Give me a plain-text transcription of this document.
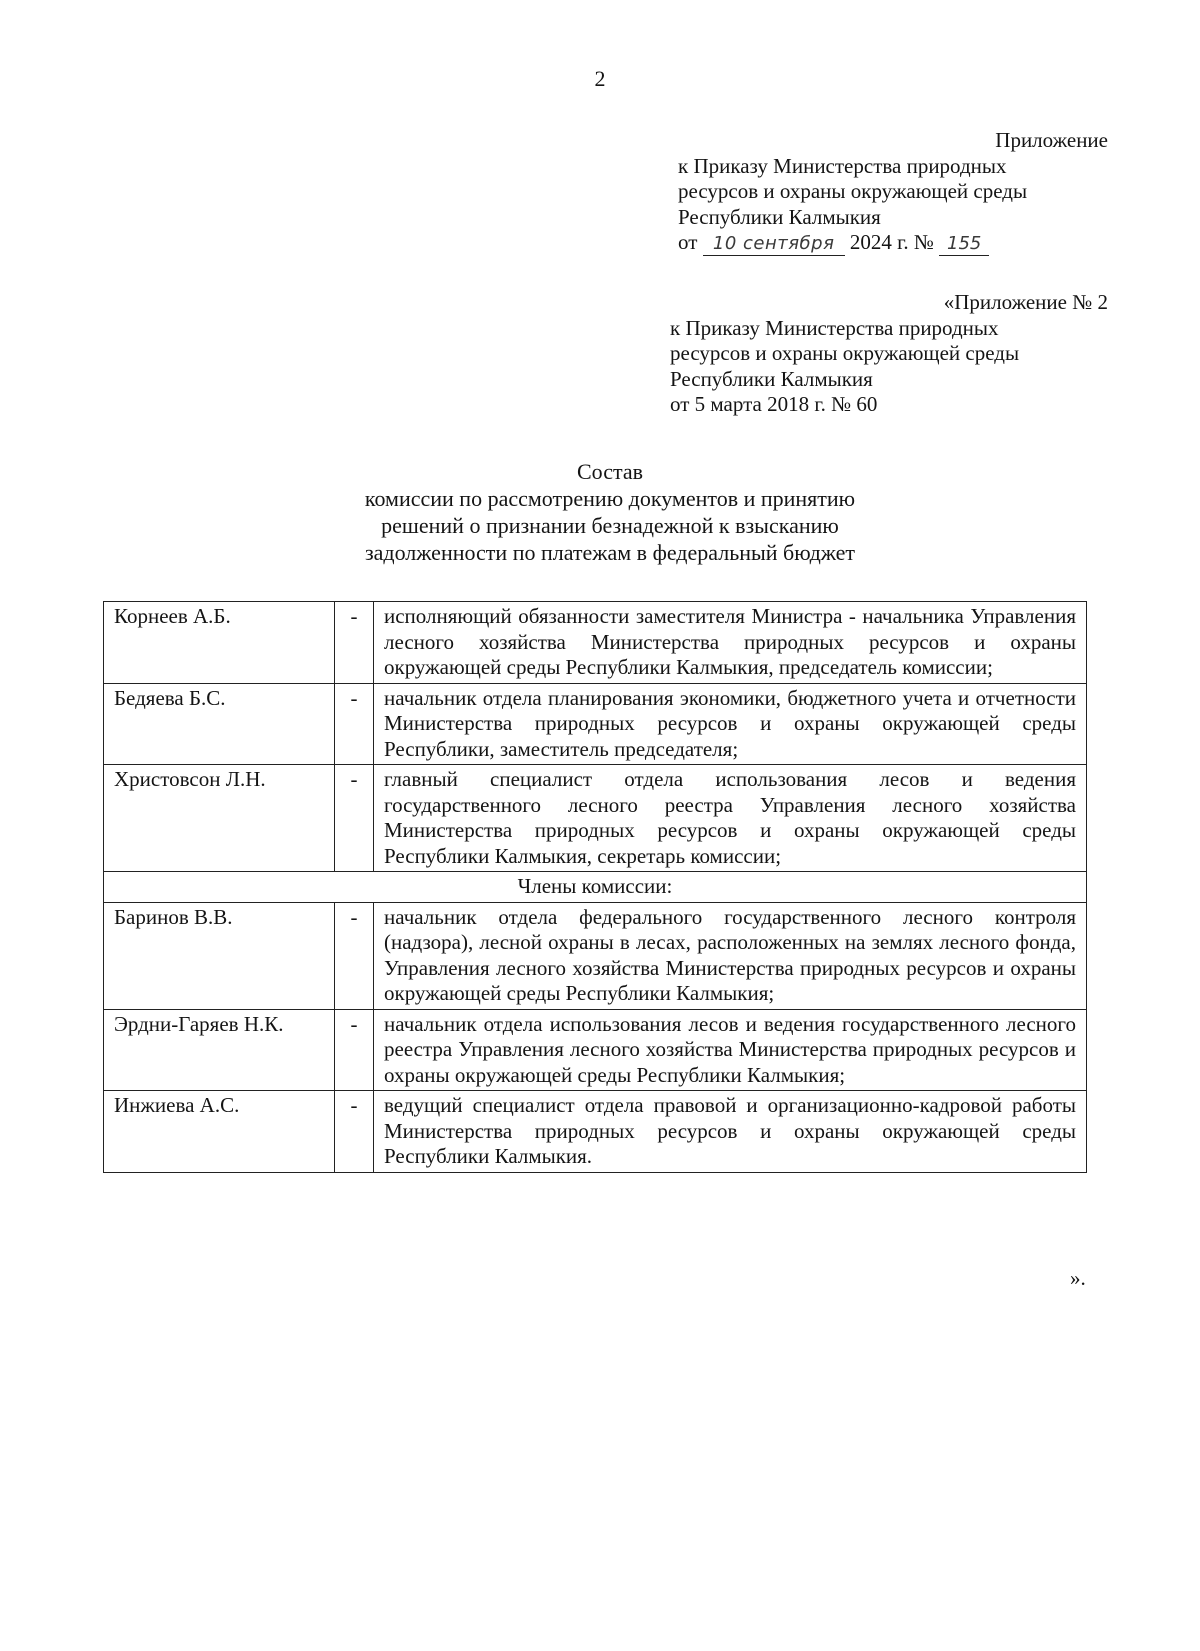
2
Приложение
к Приказу Министерства природных
ресурсов и охраны окружающей среды
Республики Калмыкия
от 10 сентября 2024 г. № 155
«Приложение № 2
к Приказу Министерства природных
ресурсов и охраны окружающей среды
Республики Калмыкия
от 5 марта 2018 г. № 60
Состав
комиссии по рассмотрению документов и принятию
решений о признании безнадежной к взысканию
задолженности по платежам в федеральный бюджет
Корнеев А.Б.	-	исполняющий обязанности заместителя Министра - начальника Управления лесного хозяйства Министерства природных ресурсов и охраны окружающей среды Республики Калмыкия, председатель комиссии;
Бедяева Б.С.	-	начальник отдела планирования экономики, бюджетного учета и отчетности Министерства природных ресурсов и охраны окружающей среды Республики, заместитель председателя;
Христовсон Л.Н.	-	главный специалист отдела использования лесов и ведения государственного лесного реестра Управления лесного хозяйства Министерства природных ресурсов и охраны окружающей среды Республики Калмыкия, секретарь комиссии;
Члены комиссии:		
Баринов В.В.	-	начальник отдела федерального государственного лесного контроля (надзора), лесной охраны в лесах, расположенных на землях лесного фонда, Управления лесного хозяйства Министерства природных ресурсов и охраны окружающей среды Республики Калмыкия;
Эрдни-Гаряев Н.К.	-	начальник отдела использования лесов и ведения государственного лесного реестра Управления лесного хозяйства Министерства природных ресурсов и охраны окружающей среды Республики Калмыкия;
Инжиева А.С.	-	ведущий специалист отдела правовой и организационно-кадровой работы Министерства природных ресурсов и охраны окружающей среды Республики Калмыкия.
».
